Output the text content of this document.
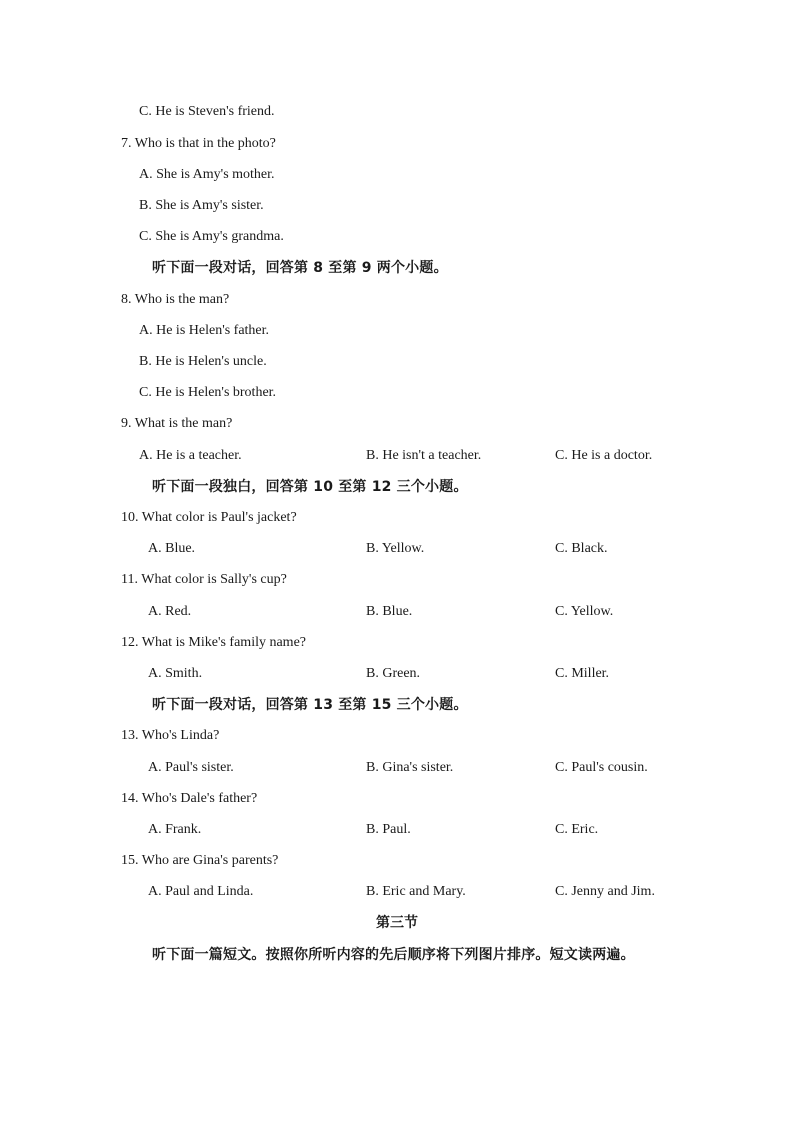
C. He is Steven's friend.
7. Who is that in the photo?
A. She is Amy's mother.
B. She is Amy's sister.
C. She is Amy's grandma.
听下面一段对话，回答第 8 至第 9 两个小题。
8. Who is the man?
A. He is Helen's father.
B. He is Helen's uncle.
C. He is Helen's brother.
9. What is the man?
A. He is a teacher.	B. He isn't a teacher.	C. He is a doctor.
听下面一段独白，回答第 10 至第 12 三个小题。
10. What color is Paul's jacket?
A. Blue.	B. Yellow.	C. Black.
11. What color is Sally's cup?
A. Red.	B. Blue.	C. Yellow.
12. What is Mike's family name?
A. Smith.	B. Green.	C. Miller.
听下面一段对话，回答第 13 至第 15 三个小题。
13. Who's Linda?
A. Paul's sister.	B. Gina's sister.	C. Paul's cousin.
14. Who's Dale's father?
A. Frank.	B. Paul.	C. Eric.
15. Who are Gina's parents?
A. Paul and Linda.	B. Eric and Mary.	C. Jenny and Jim.
第三节
听下面一篇短文。按照你所听内容的先后顺序将下列图片排序。短文读两遍。
